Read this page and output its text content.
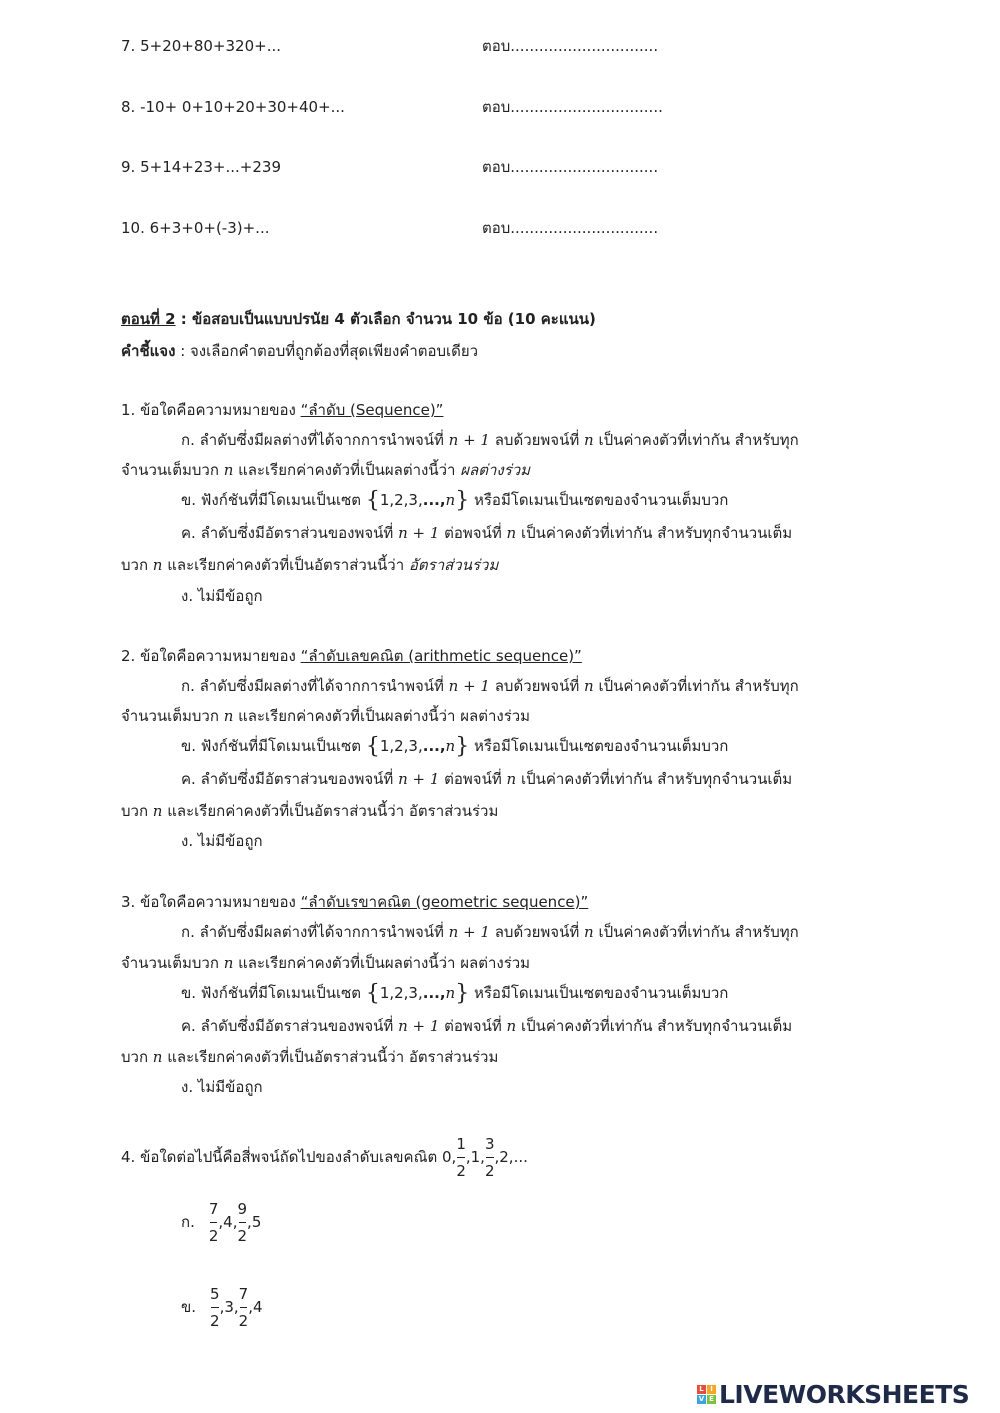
7. 5+20+80+320+...	ตอบ...............................
8. -10+ 0+10+20+30+40+...	ตอบ................................
9. 5+14+23+...+239	ตอบ...............................
10. 6+3+0+(-3)+...	ตอบ...............................
ตอนที่ 2 : ข้อสอบเป็นแบบปรนัย 4 ตัวเลือก จำนวน 10 ข้อ (10 คะแนน)
คำชี้แจง : จงเลือกคำตอบที่ถูกต้องที่สุดเพียงคำตอบเดียว
1. ข้อใดคือความหมายของ “ลำดับ (Sequence)”
ก. ลำดับซึ่งมีผลต่างที่ได้จากการนำพจน์ที่ n + 1 ลบด้วยพจน์ที่ n เป็นค่าคงตัวที่เท่ากัน สำหรับทุก
จำนวนเต็มบวก n และเรียกค่าคงตัวที่เป็นผลต่างนี้ว่า ผลต่างร่วม
ข. ฟังก์ชันที่มีโดเมนเป็นเซต {1,2,3,...,n} หรือมีโดเมนเป็นเซตของจำนวนเต็มบวก
ค. ลำดับซึ่งมีอัตราส่วนของพจน์ที่ n + 1 ต่อพจน์ที่ n เป็นค่าคงตัวที่เท่ากัน สำหรับทุกจำนวนเต็ม
บวก n และเรียกค่าคงตัวที่เป็นอัตราส่วนนี้ว่า อัตราส่วนร่วม
ง. ไม่มีข้อถูก
2. ข้อใดคือความหมายของ “ลำดับเลขคณิต (arithmetic sequence)”
ก. ลำดับซึ่งมีผลต่างที่ได้จากการนำพจน์ที่ n + 1 ลบด้วยพจน์ที่ n เป็นค่าคงตัวที่เท่ากัน สำหรับทุก
จำนวนเต็มบวก n และเรียกค่าคงตัวที่เป็นผลต่างนี้ว่า ผลต่างร่วม
ข. ฟังก์ชันที่มีโดเมนเป็นเซต {1,2,3,...,n} หรือมีโดเมนเป็นเซตของจำนวนเต็มบวก
ค. ลำดับซึ่งมีอัตราส่วนของพจน์ที่ n + 1 ต่อพจน์ที่ n เป็นค่าคงตัวที่เท่ากัน สำหรับทุกจำนวนเต็ม
บวก n และเรียกค่าคงตัวที่เป็นอัตราส่วนนี้ว่า อัตราส่วนร่วม
ง. ไม่มีข้อถูก
3. ข้อใดคือความหมายของ “ลำดับเรขาคณิต (geometric sequence)”
ก. ลำดับซึ่งมีผลต่างที่ได้จากการนำพจน์ที่ n + 1 ลบด้วยพจน์ที่ n เป็นค่าคงตัวที่เท่ากัน สำหรับทุก
จำนวนเต็มบวก n และเรียกค่าคงตัวที่เป็นผลต่างนี้ว่า ผลต่างร่วม
ข. ฟังก์ชันที่มีโดเมนเป็นเซต {1,2,3,...,n} หรือมีโดเมนเป็นเซตของจำนวนเต็มบวก
ค. ลำดับซึ่งมีอัตราส่วนของพจน์ที่ n + 1 ต่อพจน์ที่ n เป็นค่าคงตัวที่เท่ากัน สำหรับทุกจำนวนเต็ม
บวก n และเรียกค่าคงตัวที่เป็นอัตราส่วนนี้ว่า อัตราส่วนร่วม
ง. ไม่มีข้อถูก
4. ข้อใดต่อไปนี้คือสี่พจน์ถัดไปของลำดับเลขคณิต 0, $\frac{1}{2} ,1$, $\frac{3}{2} ,2$,...
ก. $\frac{7}{2} ,4$, $\frac{9}{2} ,5$
ข. $\frac{5}{2} ,3$, $\frac{7}{2} ,4$
L I
V E LIVEWORKSHEETS
